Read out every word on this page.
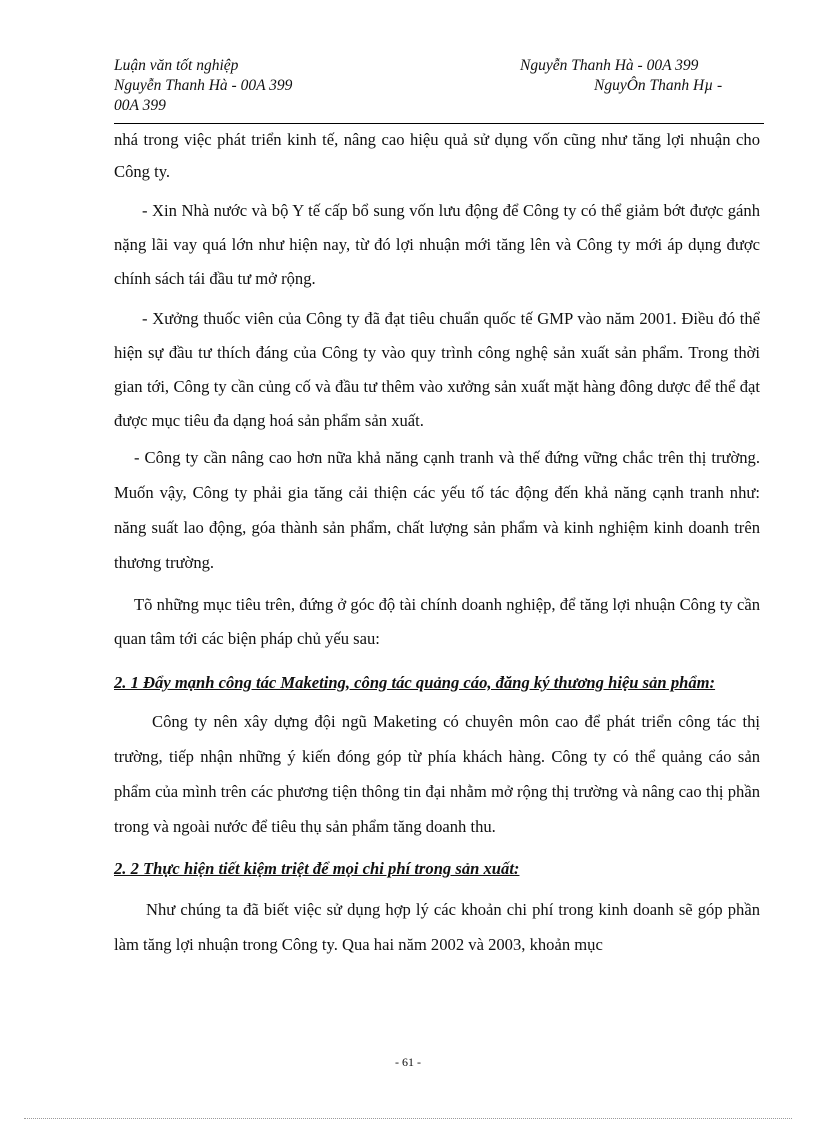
Luận văn tốt nghiệp	Nguyễn Thanh Hà - 00A 399
Nguyễn Thanh Hà - 00A 399	NguyÔn Thanh Hµ -
00A 399

nhá trong việc phát triển kinh tế, nâng cao hiệu quả sử dụng vốn cũng như tăng lợi nhuận cho Công ty.

- Xin Nhà nước và bộ Y tế cấp bổ sung vốn lưu động để Công ty có thể giảm bớt được gánh nặng lãi vay quá lớn như hiện nay, từ đó lợi nhuận mới tăng lên và Công ty mới áp dụng được chính sách tái đầu tư mở rộng.

- Xưởng thuốc viên của Công ty đã đạt tiêu chuẩn quốc tế GMP vào năm 2001. Điều đó thể hiện sự đầu tư thích đáng của Công ty vào quy trình công nghệ sản xuất sản phẩm. Trong thời gian tới, Công ty cần củng cố và đầu tư thêm vào xưởng sản xuất mặt hàng đông dược để thể đạt được mục tiêu đa dạng hoá sản phẩm sản xuất.

- Công ty cần nâng cao hơn nữa khả năng cạnh tranh và thế đứng vững chắc trên thị trường. Muốn vậy, Công ty phải gia tăng cải thiện các yếu tố tác động đến khả năng cạnh tranh như: năng suất lao động, góa thành sản phẩm, chất lượng sản phẩm và kinh nghiệm kinh doanh trên thương trường.

Tõ những mục tiêu trên, đứng ở góc độ tài chính doanh nghiệp, để tăng lợi nhuận Công ty cần quan tâm tới các biện pháp chủ yếu sau:

2. 1 Đẩy mạnh công tác Maketing, công tác quảng cáo, đăng ký thương hiệu sản phẩm:

Công ty nên xây dựng đội ngũ Maketing có chuyên môn cao để phát triển công tác thị trường, tiếp nhận những ý kiến đóng góp từ phía khách hàng. Công ty có thể quảng cáo sản phẩm của mình trên các phương tiện thông tin đại nhằm mở rộng thị trường và nâng cao thị phần trong và ngoài nước để tiêu thụ sản phẩm tăng doanh thu.

2. 2 Thực hiện tiết kiệm triệt để mọi chi phí trong sản xuất:

Như chúng ta đã biết việc sử dụng hợp lý các khoản chi phí trong kinh doanh sẽ góp phần làm tăng lợi nhuận trong Công ty. Qua hai năm 2002 và 2003, khoản mục

- 61 -
